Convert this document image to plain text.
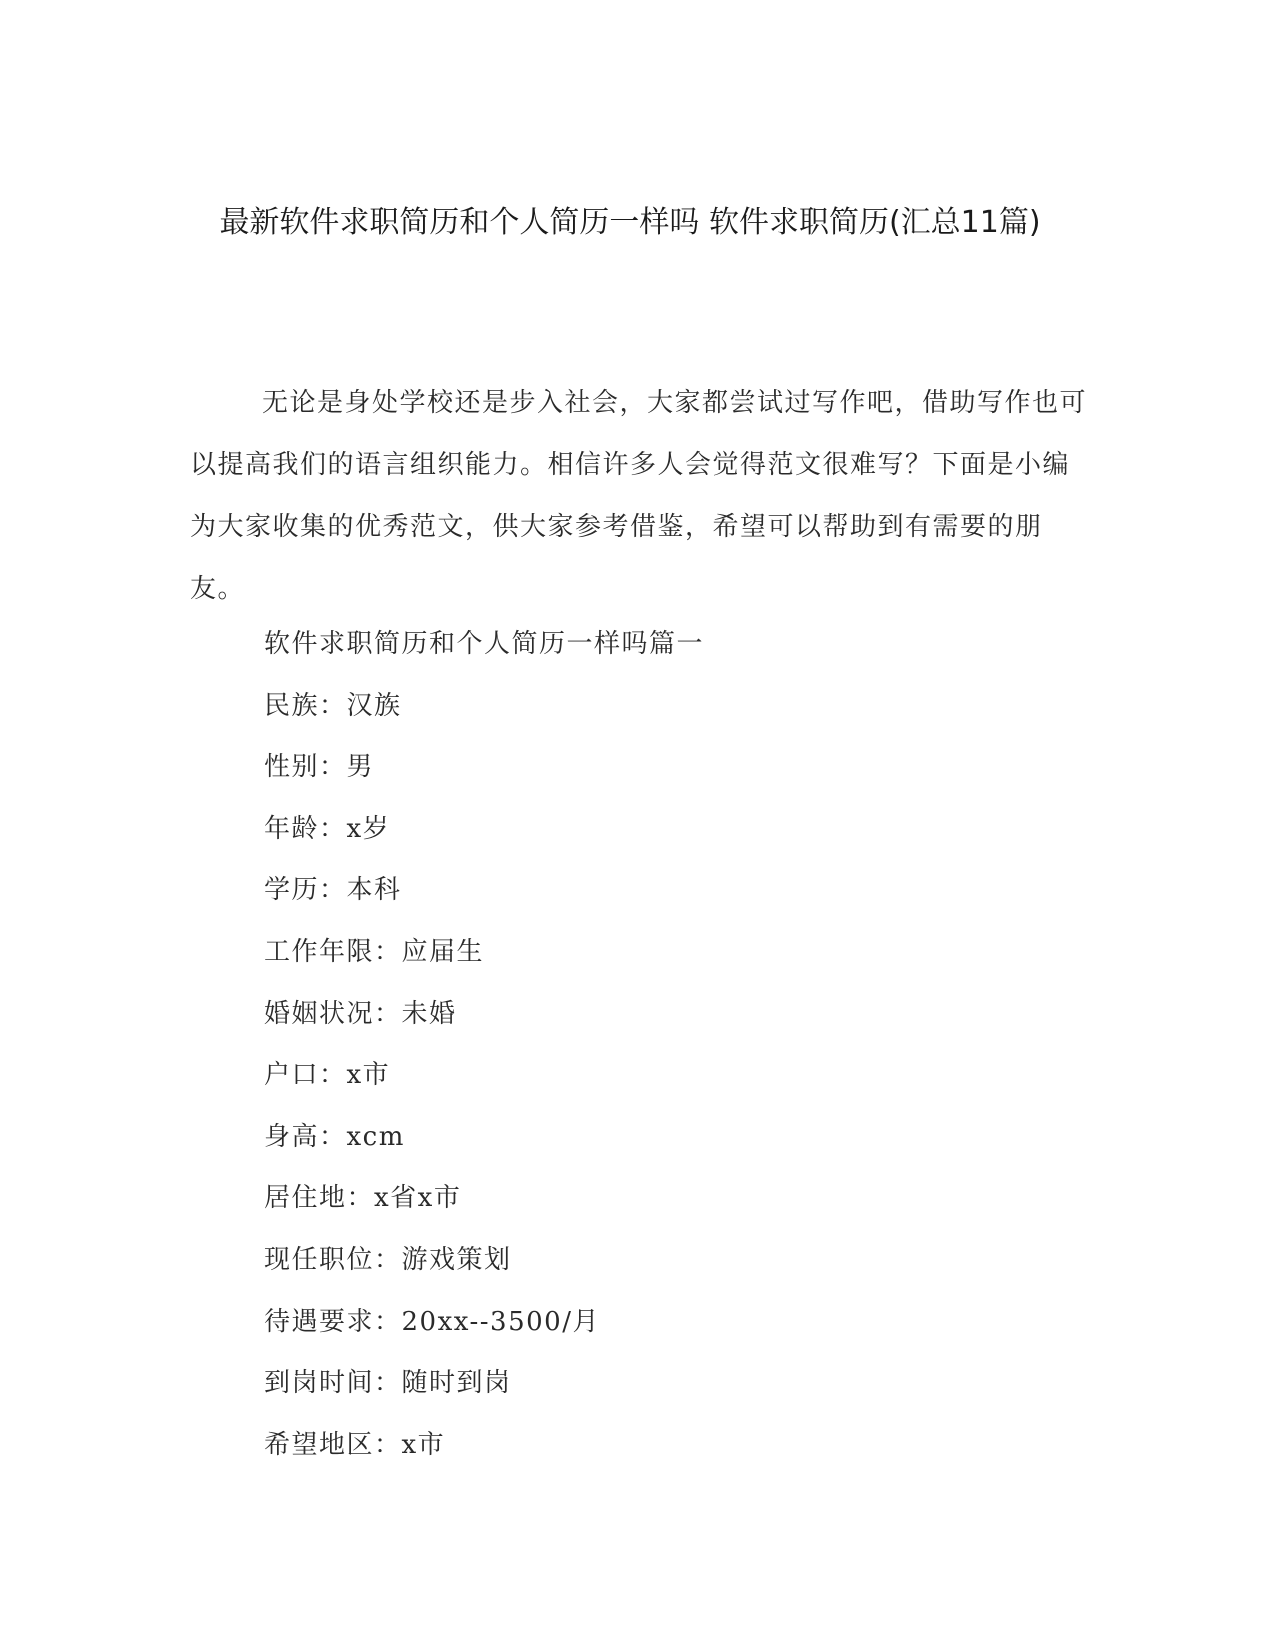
最新软件求职简历和个人简历一样吗 软件求职简历(汇总11篇)

无论是身处学校还是步入社会，大家都尝试过写作吧，借助写作也可以提高我们的语言组织能力。相信许多人会觉得范文很难写？下面是小编为大家收集的优秀范文，供大家参考借鉴，希望可以帮助到有需要的朋友。

软件求职简历和个人简历一样吗篇一
民族：汉族
性别：男
年龄：x岁
学历：本科
工作年限：应届生
婚姻状况：未婚
户口：x市
身高：xcm
居住地：x省x市
现任职位：游戏策划
待遇要求：20xx--3500/月
到岗时间：随时到岗
希望地区：x市
